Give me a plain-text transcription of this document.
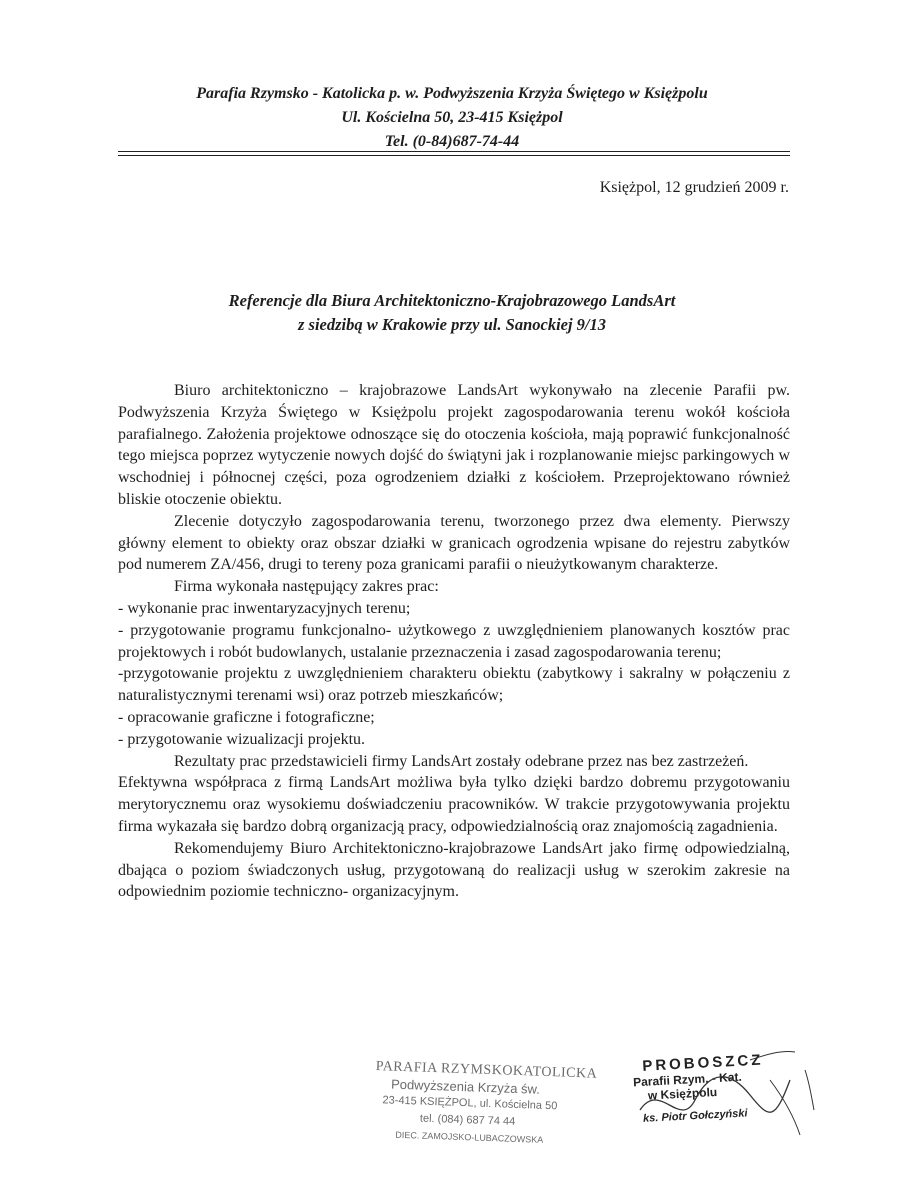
Parafia Rzymsko - Katolicka p. w. Podwyższenia Krzyża Świętego w Księżpolu
Ul. Kościelna 50, 23-415 Księżpol
Tel. (0-84)687-74-44
Księżpol, 12 grudzień 2009 r.
Referencje dla Biura Architektoniczno-Krajobrazowego LandsArt
z siedzibą w Krakowie przy ul. Sanockiej 9/13

Biuro architektoniczno – krajobrazowe LandsArt wykonywało na zlecenie Parafii pw. Podwyższenia Krzyża Świętego w Księżpolu projekt zagospodarowania terenu wokół kościoła parafialnego. Założenia projektowe odnoszące się do otoczenia kościoła, mają poprawić funkcjonalność tego miejsca poprzez wytyczenie nowych dojść do świątyni jak i rozplanowanie miejsc parkingowych w wschodniej i północnej części, poza ogrodzeniem działki z kościołem. Przeprojektowano również bliskie otoczenie obiektu.

Zlecenie dotyczyło zagospodarowania terenu, tworzonego przez dwa elementy. Pierwszy główny element to obiekty oraz obszar działki w granicach ogrodzenia wpisane do rejestru zabytków pod numerem ZA/456, drugi to tereny poza granicami parafii o nieużytkowanym charakterze.

Firma wykonała następujący zakres prac:

- wykonanie prac inwentaryzacyjnych terenu;

- przygotowanie programu funkcjonalno- użytkowego z uwzględnieniem planowanych kosztów prac projektowych i robót budowlanych, ustalanie przeznaczenia i zasad zagospodarowania terenu;

-przygotowanie projektu z uwzględnieniem charakteru obiektu (zabytkowy i sakralny w połączeniu z naturalistycznymi terenami wsi) oraz potrzeb mieszkańców;

- opracowanie graficzne i fotograficzne;

- przygotowanie wizualizacji projektu.

Rezultaty prac przedstawicieli firmy LandsArt zostały odebrane przez nas bez zastrzeżeń.

Efektywna współpraca z firmą LandsArt możliwa była tylko dzięki bardzo dobremu przygotowaniu merytorycznemu oraz wysokiemu doświadczeniu pracowników. W trakcie przygotowywania projektu firma wykazała się bardzo dobrą organizacją pracy, odpowiedzialnością oraz znajomością zagadnienia.

Rekomendujemy Biuro Architektoniczno-krajobrazowe LandsArt jako firmę odpowiedzialną, dbająca o poziom świadczonych usług, przygotowaną do realizacji usług w szerokim zakresie na odpowiednim poziomie techniczno- organizacyjnym.

PARAFIA RZYMSKOKATOLICKA
Podwyższenia Krzyża św.
23-415 KSIĘŻPOL, ul. Kościelna 50
tel. (084) 687 74 44
DIEC. ZAMOJSKO-LUBACZOWSKA
PROBOSZCZ
Parafii Rzym. - Kat.
w Księżpolu
ks. Piotr Gołczyński
